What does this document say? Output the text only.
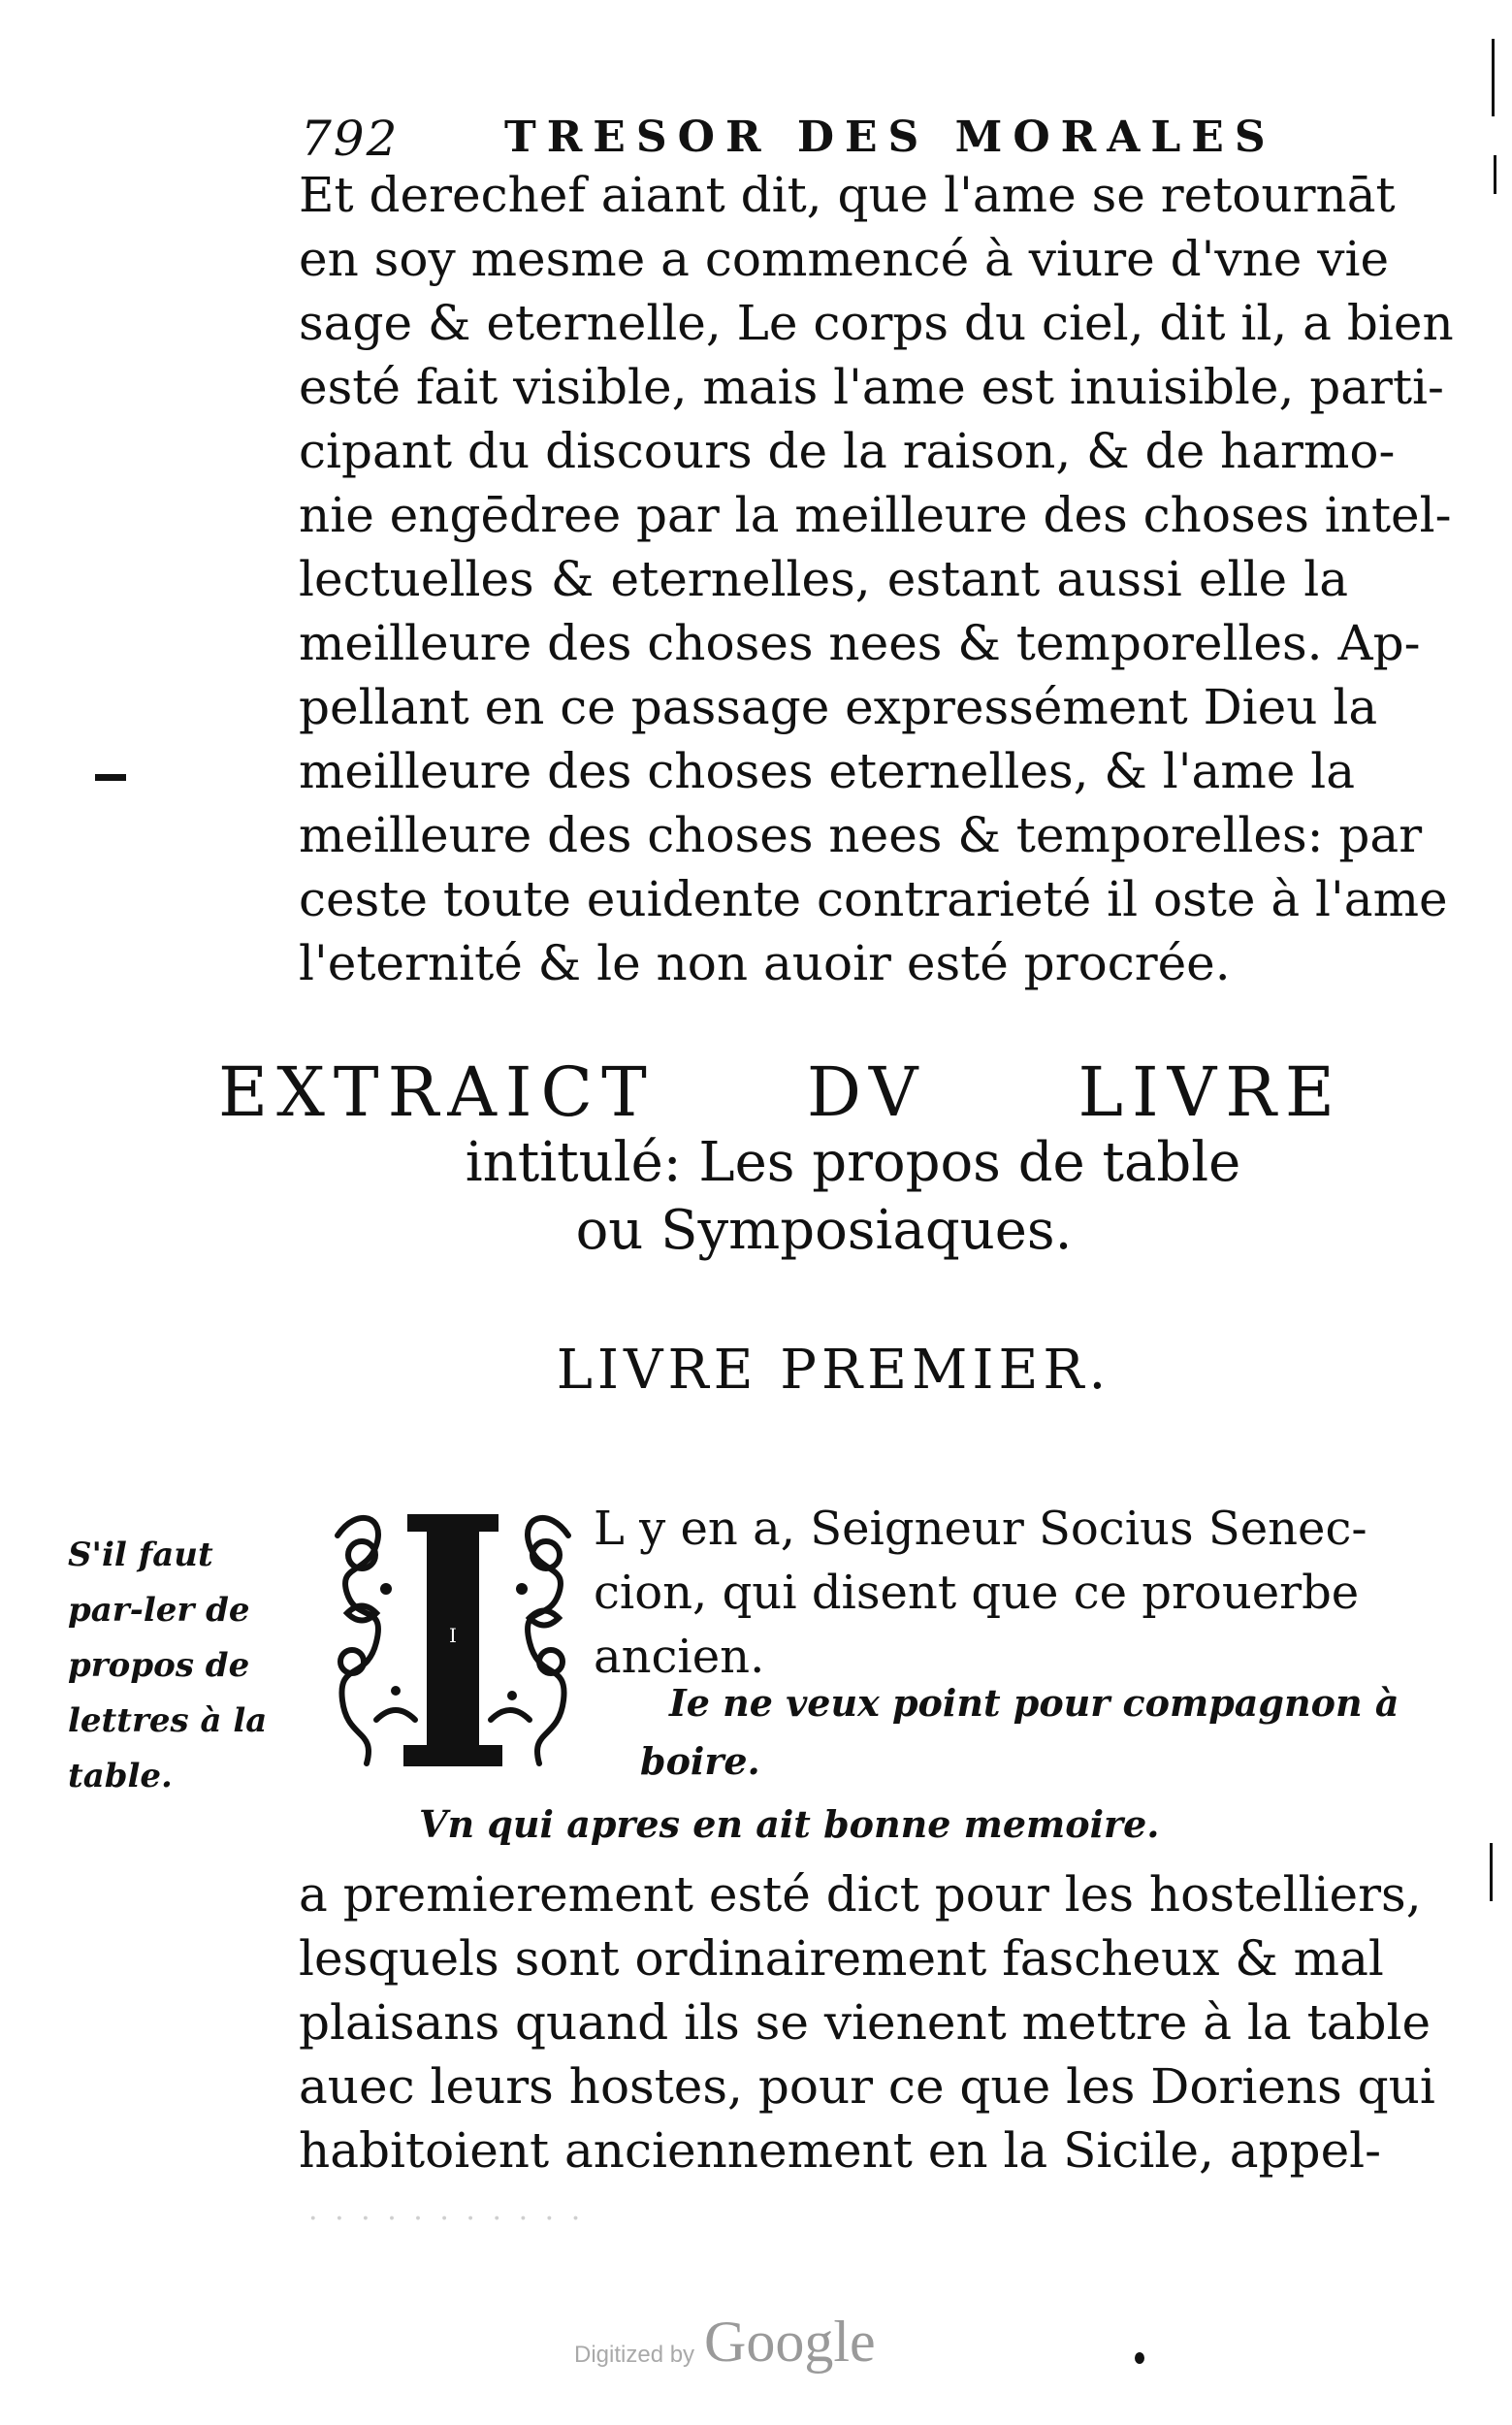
792 TRESOR DES MORALES
Et derechef aiant dit, que l'ame se retournāt
en soy mesme a commencé à viure d'vne vie
sage & eternelle, Le corps du ciel, dit il, a bien
esté fait visible, mais l'ame est inuisible, parti-
cipant du discours de la raison, & de harmo-
nie engēdree par la meilleure des choses intel-
lectuelles & eternelles, estant aussi elle la
meilleure des choses nees & temporelles. Ap-
pellant en ce passage expressément Dieu la
meilleure des choses eternelles, & l'ame la
meilleure des choses nees & temporelles: par
ceste toute euidente contrarieté il oste à l'ame
l'eternité & le non auoir esté procrée.
EXTRAICT DV LIVRE
intitulé: Les propos de table
ou Symposiaques.
LIVRE PREMIER.
S'il faut par-ler de propos de lettres à la table.
I
L y en a, Seigneur Socius Senec-
cion, qui disent que ce prouerbe
ancien.
Ie ne veux point pour compagnon à
boire.
Vn qui apres en ait bonne memoire.
a premierement esté dict pour les hostelliers,
lesquels sont ordinairement fascheux & mal
plaisans quand ils se vienent mettre à la table
auec leurs hostes, pour ce que les Doriens qui
habitoient anciennement en la Sicile, appel-
· · · · · · · · · · ·
Digitized by Google
